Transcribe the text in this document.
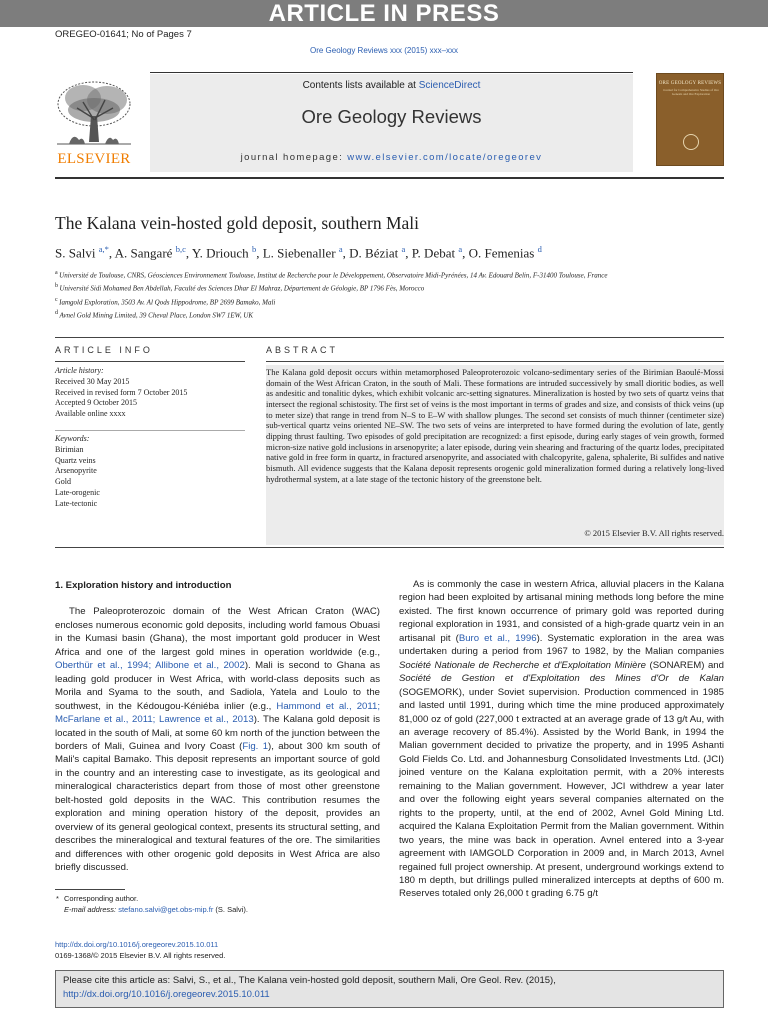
ARTICLE IN PRESS
OREGEO-01641; No of Pages 7
Ore Geology Reviews xxx (2015) xxx–xxx
Contents lists available at ScienceDirect
Ore Geology Reviews
journal homepage: www.elsevier.com/locate/oregeorev
ELSEVIER
ORE GEOLOGY REVIEWS
Journal for Comprehensive Studies of Ore Genesis and Ore Exploration
The Kalana vein-hosted gold deposit, southern Mali
S. Salvi $^{a,*}$, A. Sangaré $^{b,c}$, Y. Driouch $^b$, L. Siebenaller $^a$, D. Béziat $^a$, P. Debat $^a$, O. Femenias $^d$
$^a$ Université de Toulouse, CNRS, Géosciences Environnement Toulouse, Institut de Recherche pour le Développement, Observatoire Midi-Pyrénées, 14 Av. Edouard Belin, F-31400 Toulouse, France
$^b$ Université Sidi Mohamed Ben Abdellah, Faculté des Sciences Dhar El Mahraz, Département de Géologie, BP 1796 Fès, Morocco
$^c$ Iamgold Exploration, 3503 Av. Al Qods Hippodrome, BP 2699 Bamako, Mali
$^d$ Avnel Gold Mining Limited, 39 Cheval Place, London SW7 1EW, UK
ARTICLE INFO	ABSTRACT
Article history:
Received 30 May 2015
Received in revised form 7 October 2015
Accepted 9 October 2015
Available online xxxx
Keywords:
Birimian
Quartz veins
Arsenopyrite
Gold
Late-orogenic
Late-tectonic
The Kalana gold deposit occurs within metamorphosed Paleoproterozoic volcano-sedimentary series of the Birimian Baoulé-Mossi domain of the West African Craton, in the south of Mali. These formations are intruded successively by small dioritic bodies, as well as andesitic and tonalitic dykes, which exhibit volcanic arc-setting signatures. Mineralization is hosted by two sets of quartz veins that intersect the regional schistosity. The first set of veins is the most important in terms of grades and size, and consists of thick veins (up to meter size) that range in trend from N–S to E–W with shallow plunges. The second set consists of much thinner (centimeter size) sub-vertical quartz veins oriented NE–SW. The two sets of veins are interpreted to have formed during the evolution of late, gently dipping thrust faulting. Two episodes of gold precipitation are recognized: a first episode, during early stages of vein growth, formed micron-size native gold inclusions in arsenopyrite; a later episode, during vein shearing and fracturing of the quartz lodes, precipitated native gold in free form in quartz, in fractured arsenopyrite, and associated with chalcopyrite, galena, sphalerite, Bi sulfides and native bismuth. All evidence suggests that the Kalana deposit represents orogenic gold mineralization formed during a relatively long-lived hydrothermal system, at a late stage of the tectonic history of the greenstone belt.
© 2015 Elsevier B.V. All rights reserved.
1. Exploration history and introduction

The Paleoproterozoic domain of the West African Craton (WAC) encloses numerous economic gold deposits, including world famous Obuasi in the Kumasi basin (Ghana), the most important gold producer in West Africa and one of the largest gold mines in operation worldwide (e.g., Oberthür et al., 1994; Allibone et al., 2002). Mali is second to Ghana as leading gold producer in West Africa, with world-class deposits such as Morila and Syama to the south, and Sadiola, Yatela and Loulo to the southwest, in the Kédougou-Kéniéba inlier (e.g., Hammond et al., 2011; McFarlane et al., 2011; Lawrence et al., 2013). The Kalana gold deposit is located in the south of Mali, at some 60 km north of the junction between the borders of Mali, Guinea and Ivory Coast (Fig. 1), about 300 km south of Mali's capital Bamako. This deposit represents an important source of gold in the country and an interesting case to investigate, as its geological and mineralogical characteristics depart from those of most other greenstone belt-hosted gold deposits in the WAC. This contribution resumes the exploration and mining operation history of the deposit, provides an overview of its general geological context, presents its structural setting, and describes the mineralogical and textural features of the ore. The similarities and differences with other orogenic gold deposits in West Africa are also briefly discussed.

As is commonly the case in western Africa, alluvial placers in the Kalana region had been exploited by artisanal mining methods long before the mine existed. The first known occurrence of primary gold was reported during regional exploration in 1931, and consisted of a high-grade quartz vein in an artisanal pit (Buro et al., 1996). Systematic exploration in the area was undertaken during a period from 1967 to 1982, by the Malian companies Société Nationale de Recherche et d'Exploitation Minière (SONAREM) and Société de Gestion et d'Exploitation des Mines d'Or de Kalan (SOGEMORK), under Soviet supervision. Production commenced in 1985 and lasted until 1991, during which time the mine produced approximately 81,000 oz of gold (227,000 t extracted at an average grade of 13 g/t Au, with an average recovery of 85.4%). Assisted by the World Bank, in 1994 the Malian government decided to privatize the property, and in 1995 Ashanti Gold Fields Co. Ltd. and Johannesburg Consolidated Investments Ltd. (JCI) joined venture on the Kalana exploitation permit, with a 20% interests remaining to the Malian government. However, JCI withdrew a year later and over the following eight years several companies alternated on the rights to the property, until, at the end of 2002, Avnel Gold Mining Ltd. acquired the Kalana Exploitation Permit from the Malian government. Within two years, the mine was back in operation. Avnel entered into a 3-year agreement with IAMGOLD Corporation in 2009 and, in March 2013, Avnel regained full project ownership. At present, underground workings extend to 180 m depth, but drillings pulled mineralized intercepts at depths of 600 m. Reserves totaled only 26,000 t grading 6.75 g/t

* Corresponding author.
E-mail address: stefano.salvi@get.obs-mip.fr (S. Salvi).
http://dx.doi.org/10.1016/j.oregeorev.2015.10.011
0169-1368/© 2015 Elsevier B.V. All rights reserved.
Please cite this article as: Salvi, S., et al., The Kalana vein-hosted gold deposit, southern Mali, Ore Geol. Rev. (2015), http://dx.doi.org/10.1016/j.oregeorev.2015.10.011
